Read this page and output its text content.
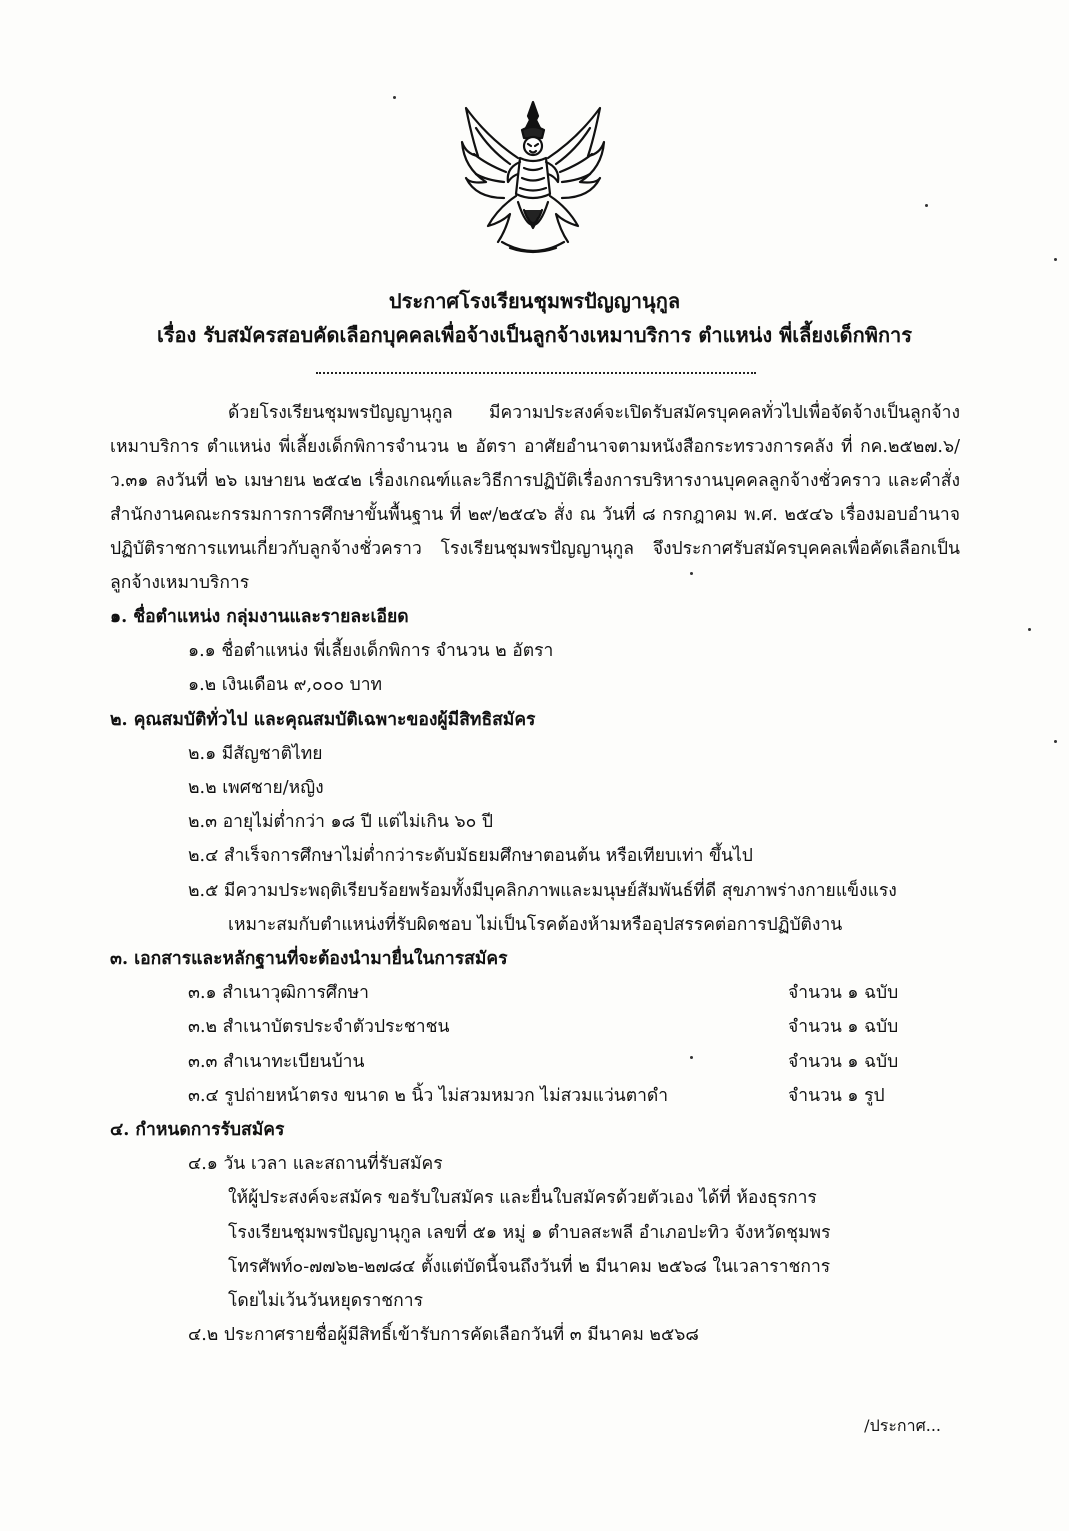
ประกาศโรงเรียนชุมพรปัญญานุกูล
เรื่อง รับสมัครสอบคัดเลือกบุคคลเพื่อจ้างเป็นลูกจ้างเหมาบริการ ตำแหน่ง พี่เลี้ยงเด็กพิการ

ด้วยโรงเรียนชุมพรปัญญานุกูล มีความประสงค์จะเปิดรับสมัครบุคคลทั่วไปเพื่อจัดจ้างเป็นลูกจ้างเหมาบริการ ตำแหน่ง พี่เลี้ยงเด็กพิการจำนวน ๒ อัตรา อาศัยอำนาจตามหนังสือกระทรวงการคลัง ที่ กค.๒๕๒๗.๖/ว.๓๑ ลงวันที่ ๒๖ เมษายน ๒๕๔๒ เรื่องเกณฑ์และวิธีการปฏิบัติเรื่องการบริหารงานบุคคลลูกจ้างชั่วคราว และคำสั่งสำนักงานคณะกรรมการการศึกษาขั้นพื้นฐาน ที่ ๒๙/๒๕๔๖ สั่ง ณ วันที่ ๘ กรกฎาคม พ.ศ. ๒๕๔๖ เรื่องมอบอำนาจปฏิบัติราชการแทนเกี่ยวกับลูกจ้างชั่วคราว โรงเรียนชุมพรปัญญานุกูล จึงประกาศรับสมัครบุคคลเพื่อคัดเลือกเป็นลูกจ้างเหมาบริการ

๑. ชื่อตำแหน่ง กลุ่มงานและรายละเอียด
๑.๑ ชื่อตำแหน่ง พี่เลี้ยงเด็กพิการ จำนวน ๒ อัตรา
๑.๒ เงินเดือน ๙,๐๐๐ บาท
๒. คุณสมบัติทั่วไป และคุณสมบัติเฉพาะของผู้มีสิทธิสมัคร
๒.๑ มีสัญชาติไทย
๒.๒ เพศชาย/หญิง
๒.๓ อายุไม่ต่ำกว่า ๑๘ ปี แต่ไม่เกิน ๖๐ ปี
๒.๔ สำเร็จการศึกษาไม่ต่ำกว่าระดับมัธยมศึกษาตอนต้น หรือเทียบเท่า ขึ้นไป
๒.๕ มีความประพฤติเรียบร้อยพร้อมทั้งมีบุคลิกภาพและมนุษย์สัมพันธ์ที่ดี สุขภาพร่างกายแข็งแรง
เหมาะสมกับตำแหน่งที่รับผิดชอบ ไม่เป็นโรคต้องห้ามหรืออุปสรรคต่อการปฏิบัติงาน
๓. เอกสารและหลักฐานที่จะต้องนำมายื่นในการสมัคร
๓.๑ สำเนาวุฒิการศึกษา	จำนวน ๑ ฉบับ
๓.๒ สำเนาบัตรประจำตัวประชาชน	จำนวน ๑ ฉบับ
๓.๓ สำเนาทะเบียนบ้าน	จำนวน ๑ ฉบับ
๓.๔ รูปถ่ายหน้าตรง ขนาด ๒ นิ้ว ไม่สวมหมวก ไม่สวมแว่นตาดำ	จำนวน ๑ รูป
๔. กำหนดการรับสมัคร
๔.๑ วัน เวลา และสถานที่รับสมัคร
ให้ผู้ประสงค์จะสมัคร ขอรับใบสมัคร และยื่นใบสมัครด้วยตัวเอง ได้ที่ ห้องธุรการ
โรงเรียนชุมพรปัญญานุกูล เลขที่ ๕๑ หมู่ ๑ ตำบลสะพลี อำเภอปะทิว จังหวัดชุมพร
โทรศัพท์๐-๗๗๖๒-๒๗๘๔ ตั้งแต่บัดนี้จนถึงวันที่ ๒ มีนาคม ๒๕๖๘ ในเวลาราชการ
โดยไม่เว้นวันหยุดราชการ
๔.๒ ประกาศรายชื่อผู้มีสิทธิ์เข้ารับการคัดเลือกวันที่ ๓ มีนาคม ๒๕๖๘
/ประกาศ...
